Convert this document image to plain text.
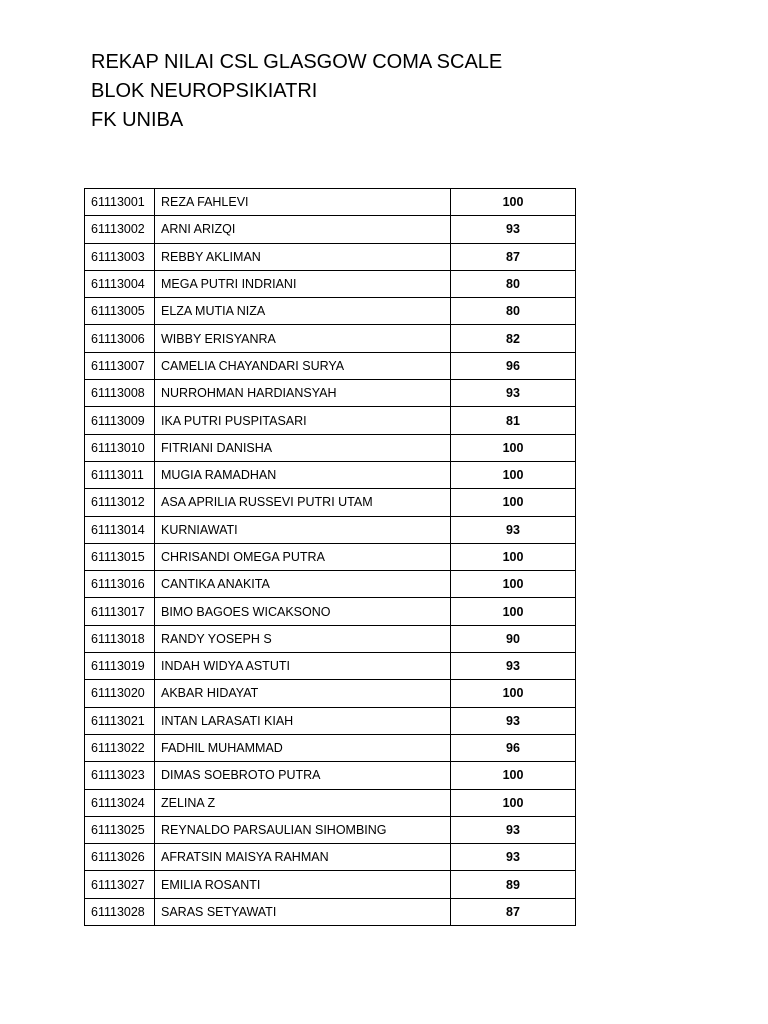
REKAP NILAI CSL GLASGOW COMA SCALE
BLOK NEUROPSIKIATRI
FK UNIBA
61113001	REZA FAHLEVI	100
61113002	ARNI ARIZQI	93
61113003	REBBY AKLIMAN	87
61113004	MEGA PUTRI INDRIANI	80
61113005	ELZA MUTIA NIZA	80
61113006	WIBBY ERISYANRA	82
61113007	CAMELIA CHAYANDARI SURYA	96
61113008	NURROHMAN HARDIANSYAH	93
61113009	IKA PUTRI PUSPITASARI	81
61113010	FITRIANI DANISHA	100
61113011	MUGIA RAMADHAN	100
61113012	ASA APRILIA RUSSEVI PUTRI UTAM	100
61113014	KURNIAWATI	93
61113015	CHRISANDI OMEGA PUTRA	100
61113016	CANTIKA ANAKITA	100
61113017	BIMO BAGOES WICAKSONO	100
61113018	RANDY YOSEPH S	90
61113019	INDAH WIDYA ASTUTI	93
61113020	AKBAR HIDAYAT	100
61113021	INTAN LARASATI KIAH	93
61113022	FADHIL MUHAMMAD	96
61113023	DIMAS SOEBROTO PUTRA	100
61113024	ZELINA Z	100
61113025	REYNALDO PARSAULIAN SIHOMBING	93
61113026	AFRATSIN MAISYA RAHMAN	93
61113027	EMILIA ROSANTI	89
61113028	SARAS SETYAWATI	87
